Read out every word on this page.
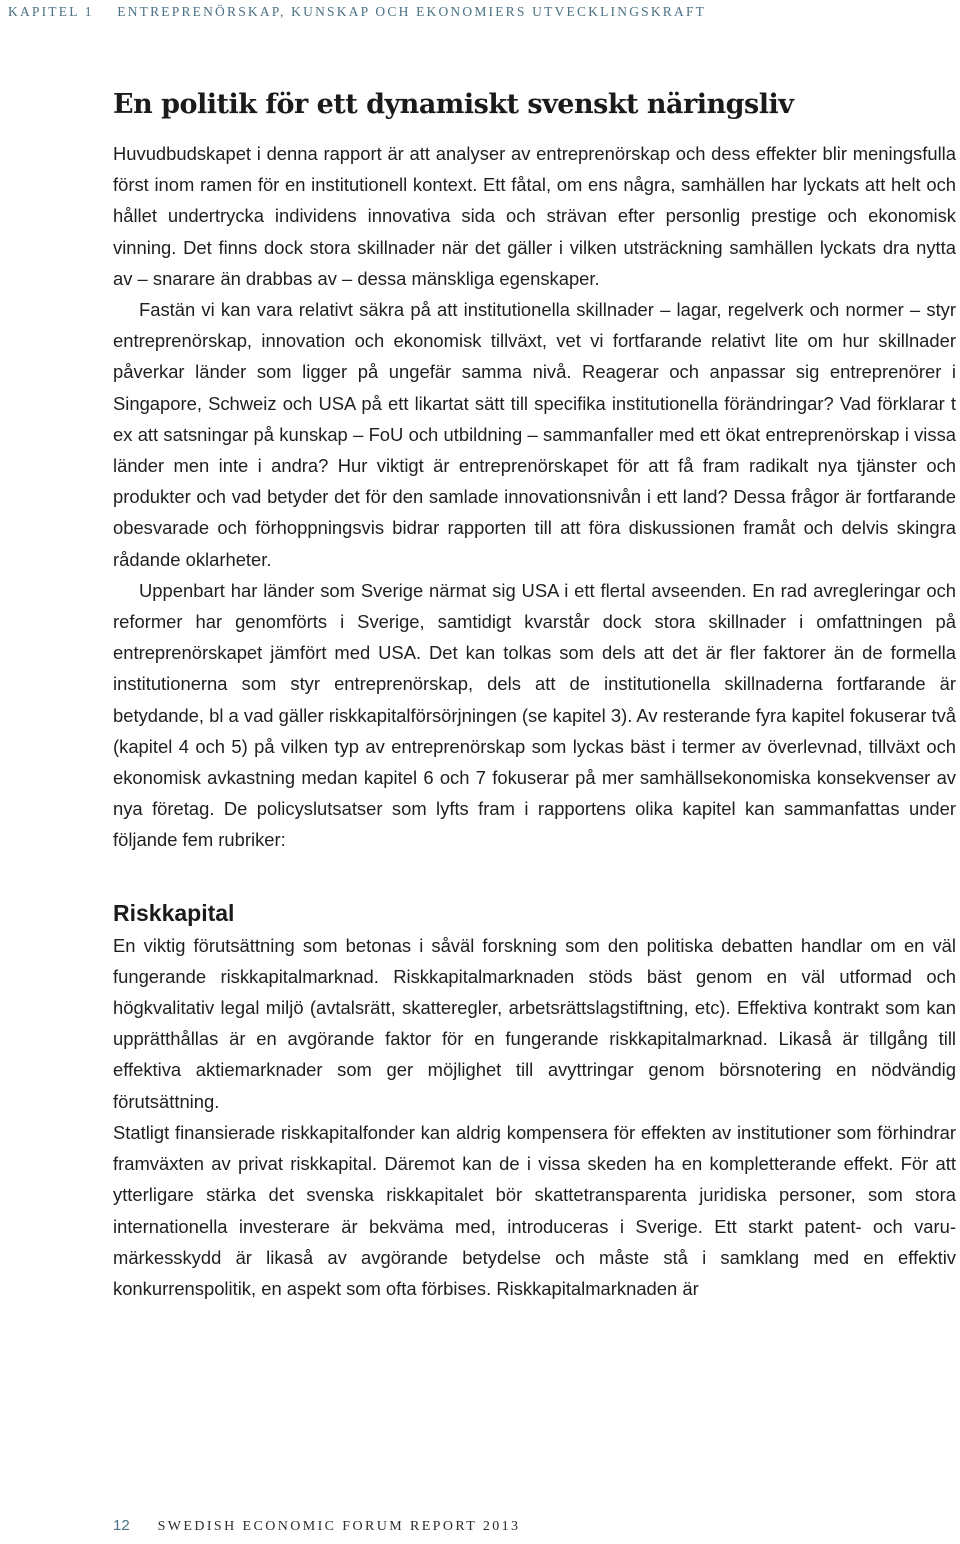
KAPITEL 1 ENTREPRENÖRSKAP, KUNSKAP OCH EKONOMIERS UTVECKLINGSKRAFT
En politik för ett dynamiskt svenskt näringsliv

Huvudbudskapet i denna rapport är att analyser av entreprenörskap och dess effekter blir meningsfulla först inom ramen för en institutionell kontext. Ett fåtal, om ens några, samhällen har lyckats att helt och hållet undertrycka individens innovativa sida och strävan efter personlig prestige och ekonomisk vinning. Det finns dock stora skillnader när det gäller i vilken utsträckning samhällen lyckats dra nytta av – snarare än drabbas av – dessa mänskliga egenskaper.

Fastän vi kan vara relativt säkra på att institutionella skillnader – lagar, regelverk och normer – styr entreprenörskap, innovation och ekonomisk tillväxt, vet vi fortfarande relativt lite om hur skillnader påverkar länder som ligger på ungefär samma nivå. Reagerar och anpassar sig entreprenörer i Singapore, Schweiz och USA på ett likartat sätt till specifika institutionella förändringar? Vad förklarar t ex att satsningar på kunskap – FoU och utbildning – sammanfaller med ett ökat entreprenörskap i vissa länder men inte i andra? Hur viktigt är entreprenörskapet för att få fram radikalt nya tjänster och produkter och vad betyder det för den samlade innovationsnivån i ett land? Dessa frågor är fortfarande obesvarade och förhoppningsvis bidrar rapporten till att föra diskussionen framåt och delvis skingra rådande oklarheter.

Uppenbart har länder som Sverige närmat sig USA i ett flertal avseenden. En rad avregleringar och reformer har genomförts i Sverige, samtidigt kvarstår dock stora skillnader i omfattningen på entreprenörskapet jämfört med USA. Det kan tolkas som dels att det är fler faktorer än de formella institutionerna som styr entreprenörskap, dels att de institutionella skillnaderna fortfarande är betydande, bl a vad gäller riskkapitalförsörjningen (se kapitel 3). Av resterande fyra kapitel fokuserar två (kapitel 4 och 5) på vilken typ av entreprenörskap som lyckas bäst i termer av överlevnad, tillväxt och ekonomisk avkastning medan kapitel 6 och 7 fokuserar på mer samhällsekonomiska konsekvenser av nya företag. De policyslutsatser som lyfts fram i rapportens olika kapitel kan sammanfattas under följande fem rubriker:

Riskkapital

En viktig förutsättning som betonas i såväl forskning som den politiska debatten handlar om en väl fungerande riskkapitalmarknad. Riskkapitalmarknaden stöds bäst genom en väl utformad och högkvalitativ legal miljö (avtalsrätt, skatteregler, arbetsrättslagstiftning, etc). Effektiva kontrakt som kan upprätthållas är en avgörande faktor för en fungerande riskkapitalmarknad. Likaså är tillgång till effektiva aktiemarknader som ger möjlighet till avyttringar genom börsnotering en nödvändig förutsättning.

Statligt finansierade riskkapitalfonder kan aldrig kompensera för effekten av institutioner som förhindrar framväxten av privat riskkapital. Däremot kan de i vissa skeden ha en kompletterande effekt. För att ytterligare stärka det svenska riskkapitalet bör skattetransparenta juridiska personer, som stora internationella investerare är bekväma med, introduceras i Sverige. Ett starkt patent- och varumärkesskydd är likaså av avgörande betydelse och måste stå i samklang med en effektiv konkurrenspolitik, en aspekt som ofta förbises. Riskkapitalmarknaden är

12 SWEDISH ECONOMIC FORUM REPORT 2013
